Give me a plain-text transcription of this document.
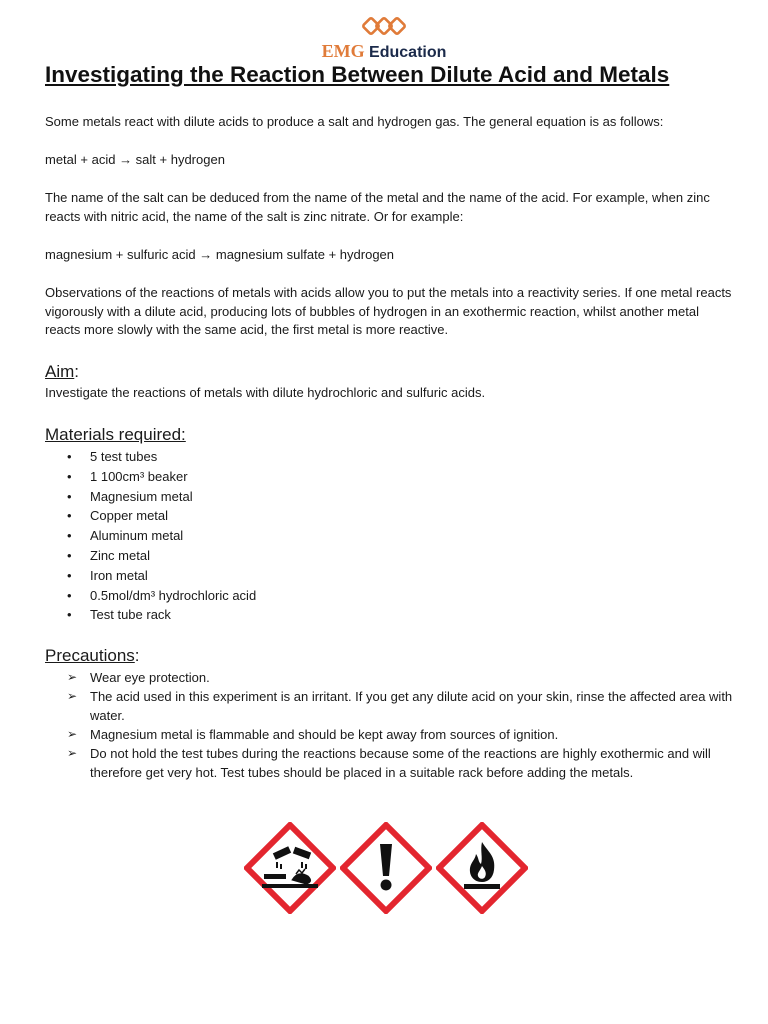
EMG Education
Investigating the Reaction Between Dilute Acid and Metals

Some metals react with dilute acids to produce a salt and hydrogen gas. The general equation is as follows:

metal + acid → salt + hydrogen

The name of the salt can be deduced from the name of the metal and the name of the acid. For example, when zinc reacts with nitric acid, the name of the salt is zinc nitrate. Or for example:

magnesium + sulfuric acid → magnesium sulfate + hydrogen

Observations of the reactions of metals with acids allow you to put the metals into a reactivity series. If one metal reacts vigorously with a dilute acid, producing lots of bubbles of hydrogen in an exothermic reaction, whilst another metal reacts more slowly with the same acid, the first metal is more reactive.

Aim:

Investigate the reactions of metals with dilute hydrochloric and sulfuric acids.

Materials required:
• 5 test tubes
• 1 100cm³ beaker
• Magnesium metal
• Copper metal
• Aluminum metal
• Zinc metal
• Iron metal
• 0.5mol/dm³ hydrochloric acid
• Test tube rack
Precautions:
➢ Wear eye protection.
➢ The acid used in this experiment is an irritant. If you get any dilute acid on your skin, rinse the affected area with water.
➢ Magnesium metal is flammable and should be kept away from sources of ignition.
➢ Do not hold the test tubes during the reactions because some of the reactions are highly exothermic and will therefore get very hot. Test tubes should be placed in a suitable rack before adding the metals.
